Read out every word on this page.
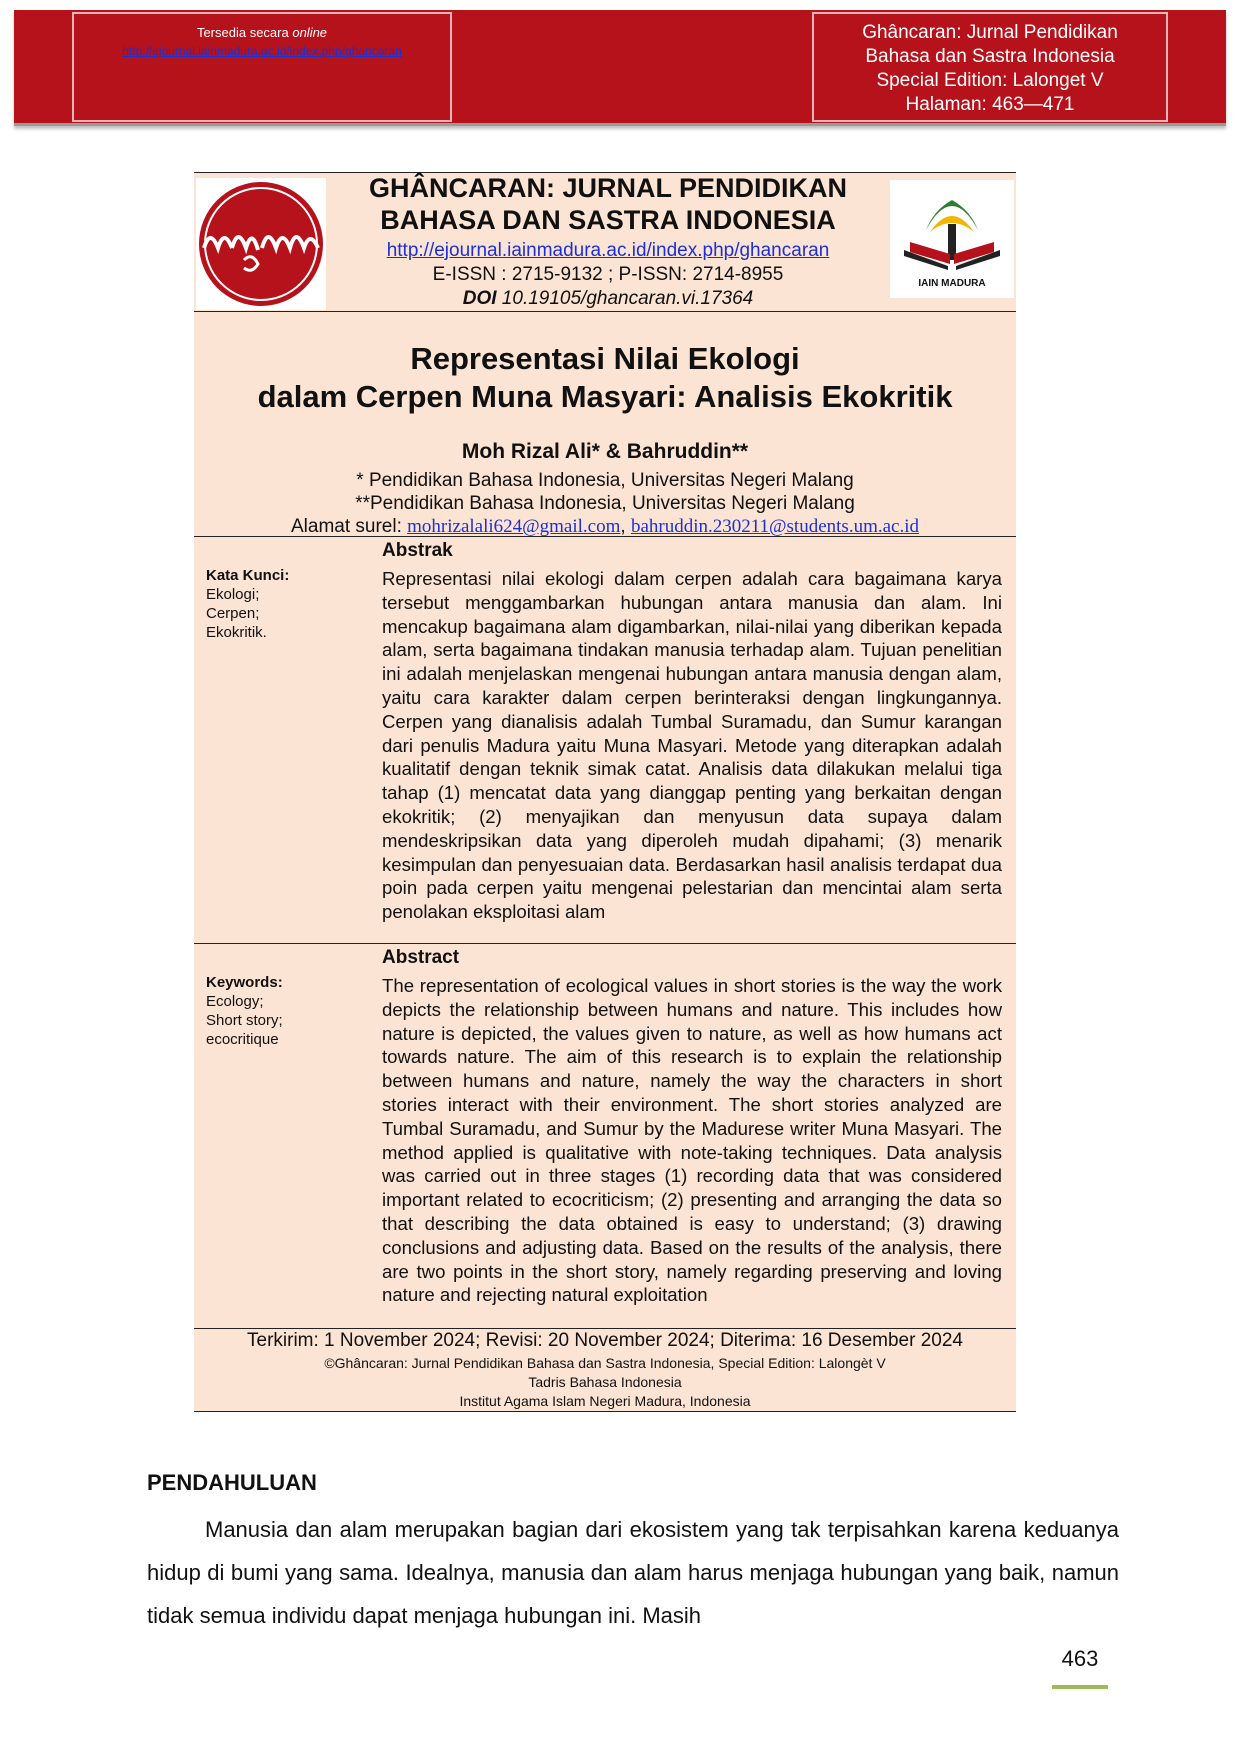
Tersedia secara online
http://ejournal.iainmadura.ac.id/index.php/ghancaran
Ghâncaran: Jurnal Pendidikan
Bahasa dan Sastra Indonesia
Special Edition: Lalonget V
Halaman: 463—471
IAIN MADURA
GHÂNCARAN: JURNAL PENDIDIKAN
BAHASA DAN SASTRA INDONESIA
http://ejournal.iainmadura.ac.id/index.php/ghancaran
E-ISSN : 2715-9132 ; P-ISSN: 2714-8955
DOI 10.19105/ghancaran.vi.17364
Representasi Nilai Ekologi
dalam Cerpen Muna Masyari: Analisis Ekokritik
Moh Rizal Ali* & Bahruddin**
* Pendidikan Bahasa Indonesia, Universitas Negeri Malang
**Pendidikan Bahasa Indonesia, Universitas Negeri Malang
Alamat surel: mohrizalali624@gmail.com, bahruddin.230211@students.um.ac.id
Abstrak
Kata Kunci:
Ekologi;
Cerpen;
Ekokritik.
Representasi nilai ekologi dalam cerpen adalah cara bagaimana karya tersebut menggambarkan hubungan antara manusia dan alam. Ini mencakup bagaimana alam digambarkan, nilai-nilai yang diberikan kepada alam, serta bagaimana tindakan manusia terhadap alam. Tujuan penelitian ini adalah menjelaskan mengenai hubungan antara manusia dengan alam, yaitu cara karakter dalam cerpen berinteraksi dengan lingkungannya. Cerpen yang dianalisis adalah Tumbal Suramadu, dan Sumur karangan dari penulis Madura yaitu Muna Masyari. Metode yang diterapkan adalah kualitatif dengan teknik simak catat. Analisis data dilakukan melalui tiga tahap (1) mencatat data yang dianggap penting yang berkaitan dengan ekokritik; (2) menyajikan dan menyusun data supaya dalam mendeskripsikan data yang diperoleh mudah dipahami; (3) menarik kesimpulan dan penyesuaian data. Berdasarkan hasil analisis terdapat dua poin pada cerpen yaitu mengenai pelestarian dan mencintai alam serta penolakan eksploitasi alam
Abstract
Keywords:
Ecology;
Short story;
ecocritique
The representation of ecological values in short stories is the way the work depicts the relationship between humans and nature. This includes how nature is depicted, the values given to nature, as well as how humans act towards nature. The aim of this research is to explain the relationship between humans and nature, namely the way the characters in short stories interact with their environment. The short stories analyzed are Tumbal Suramadu, and Sumur by the Madurese writer Muna Masyari. The method applied is qualitative with note-taking techniques. Data analysis was carried out in three stages (1) recording data that was considered important related to ecocriticism; (2) presenting and arranging the data so that describing the data obtained is easy to understand; (3) drawing conclusions and adjusting data. Based on the results of the analysis, there are two points in the short story, namely regarding preserving and loving nature and rejecting natural exploitation
Terkirim: 1 November 2024; Revisi: 20 November 2024; Diterima: 16 Desember 2024
©Ghâncaran: Jurnal Pendidikan Bahasa dan Sastra Indonesia, Special Edition: Lalongèt V
Tadris Bahasa Indonesia
Institut Agama Islam Negeri Madura, Indonesia
PENDAHULUAN
Manusia dan alam merupakan bagian dari ekosistem yang tak terpisahkan karena keduanya hidup di bumi yang sama. Idealnya, manusia dan alam harus menjaga hubungan yang baik, namun tidak semua individu dapat menjaga hubungan ini. Masih
463
